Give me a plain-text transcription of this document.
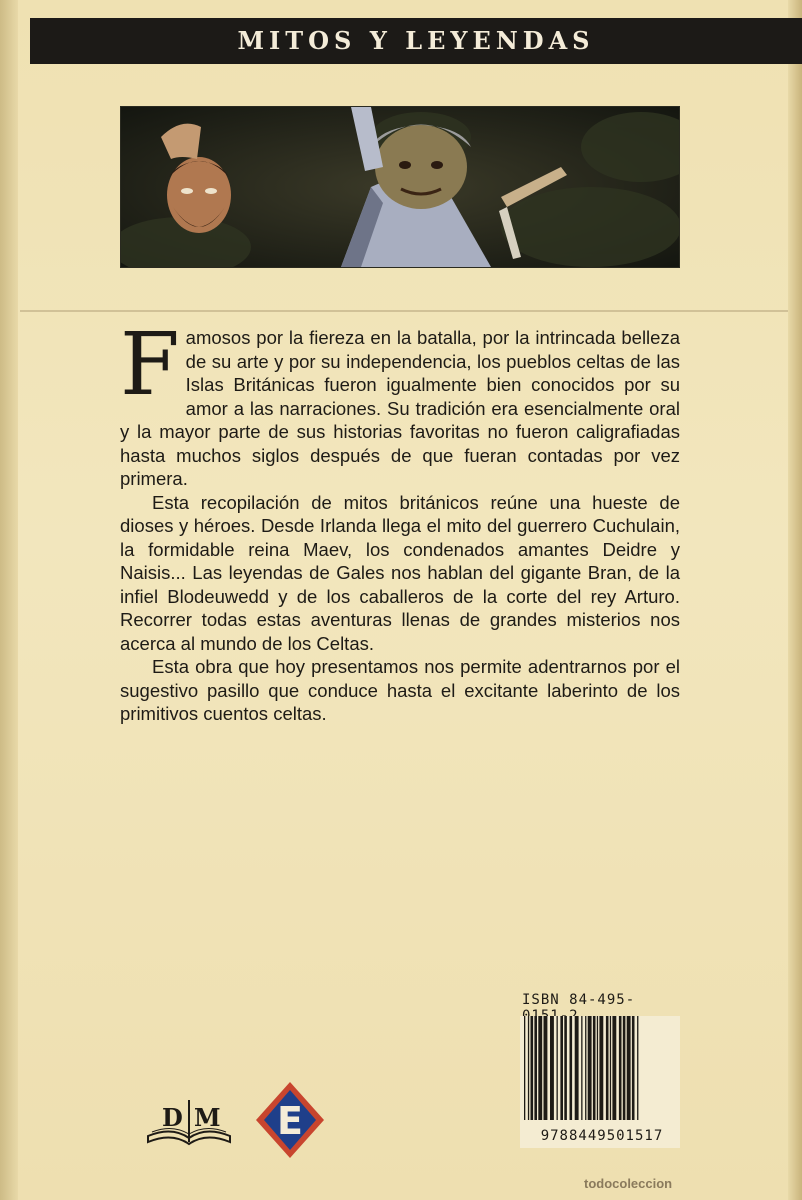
MITOS Y LEYENDAS

Famosos por la fiereza en la batalla, por la intrincada belleza de su arte y por su independencia, los pueblos celtas de las Islas Británicas fueron igualmente bien conocidos por su amor a las narraciones. Su tradición era esencialmente oral y la mayor parte de sus historias favoritas no fueron caligrafiadas hasta muchos siglos después de que fueran contadas por vez primera.

Esta recopilación de mitos británicos reúne una hueste de dioses y héroes. Desde Irlanda llega el mito del guerrero Cuchulain, la formidable reina Maev, los condenados amantes Deidre y Naisis... Las leyendas de Gales nos hablan del gigante Bran, de la infiel Blodeuwedd y de los caballeros de la corte del rey Arturo. Recorrer todas estas aventuras llenas de grandes misterios nos acerca al mundo de los Celtas.

Esta obra que hoy presentamos nos permite adentrarnos por el sugestivo pasillo que conduce hasta el excitante laberinto de los primitivos cuentos celtas.

ISBN 84-495-
9788449501517
D M E
todocoleccion
